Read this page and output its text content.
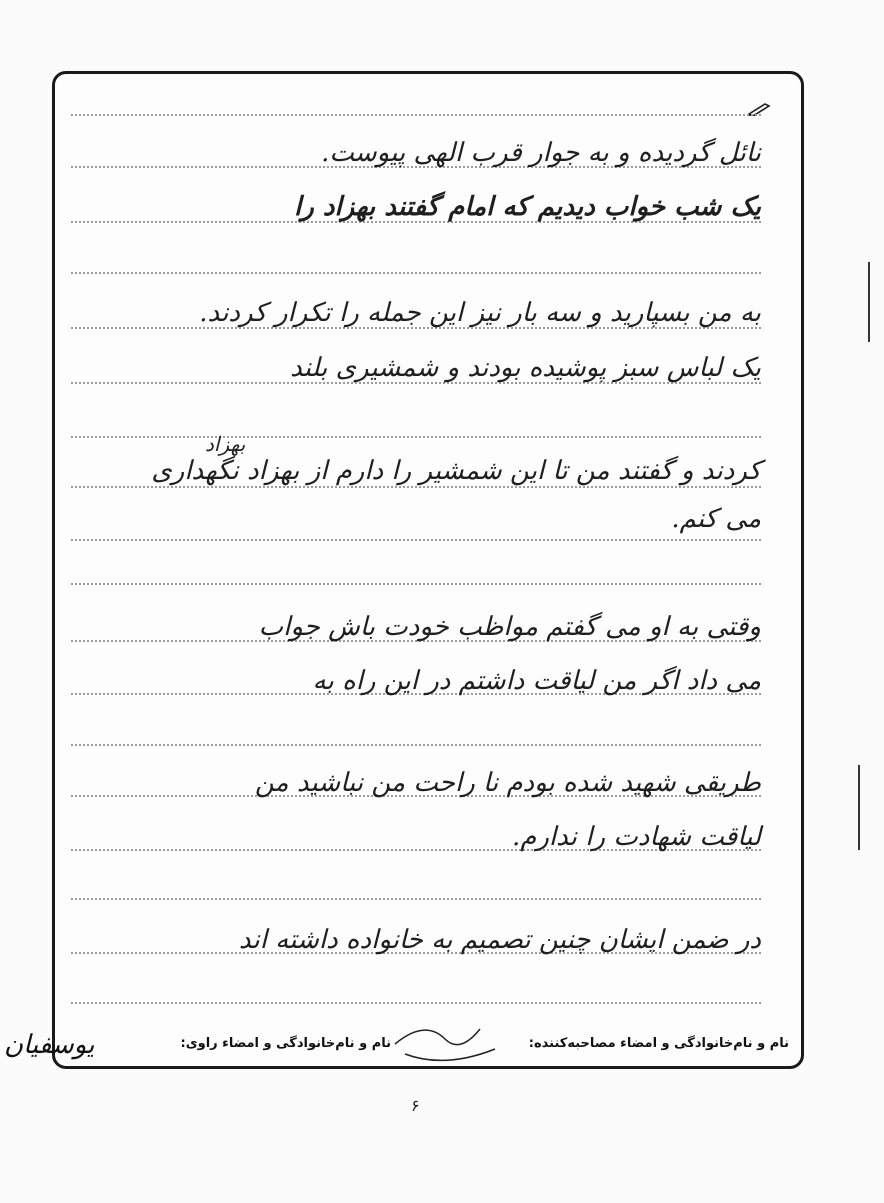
نائل گردیده و به جوار قرب الهی پیوست.
یک شب خواب دیدیم که امام گفتند بهزاد را
به من بسپارید و سه بار نیز این جمله را تکرار کردند.
یک لباس سبز پوشیده بودند و شمشیری بلند
بهزاد
کردند و گفتند من تا این شمشیر را دارم از بهزاد نگهداری
می کنم.
وقتی به او می گفتم مواظب خودت باش جواب
می داد اگر من لیاقت داشتم در این راه به
طریقی شهید شده بودم نا راحت من نباشید من
لیاقت شهادت را ندارم.
در ضمن ایشان چنین تصمیم به خانواده داشته اند
نام و نام‌خانوادگی و امضاء مصاحبه‌کننده:
نام و نام‌خانوادگی و امضاء راوی:
یوسفیان
۶
